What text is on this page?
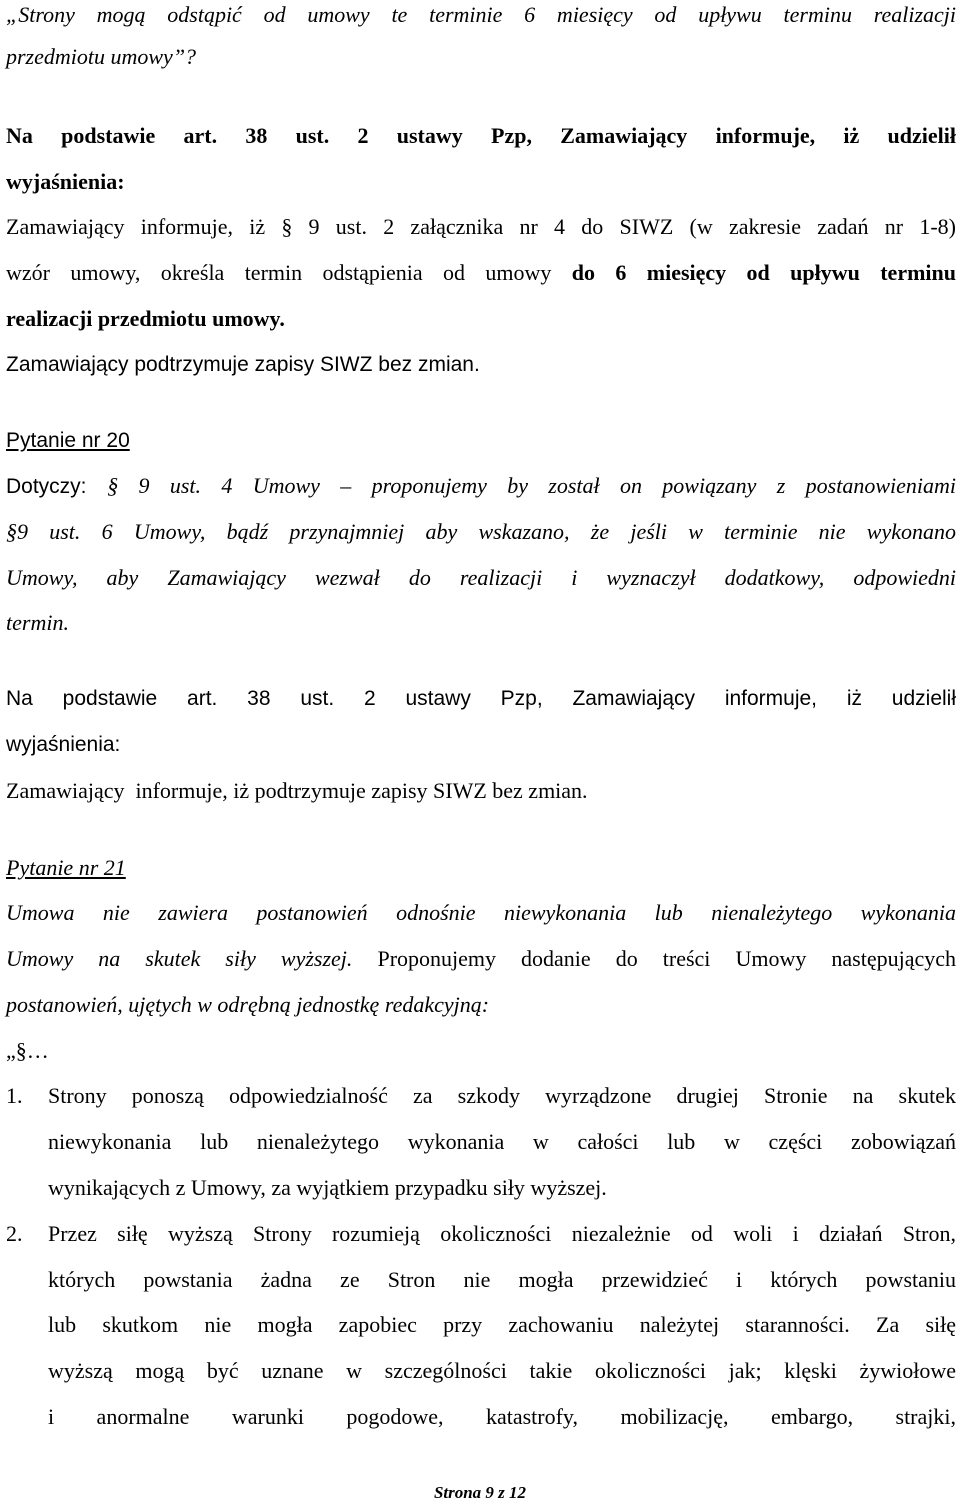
„Strony mogą odstąpić od umowy te terminie 6 miesięcy od upływu terminu realizacji
przedmiotu umowy”?
Na podstawie art. 38 ust. 2 ustawy Pzp, Zamawiający informuje, iż udzielił
wyjaśnienia:
Zamawiający informuje, iż § 9 ust. 2 załącznika nr 4 do SIWZ (w zakresie zadań nr 1-8)
wzór umowy, określa termin odstąpienia od umowy do 6 miesięcy od upływu terminu
realizacji przedmiotu umowy.
Zamawiający podtrzymuje zapisy SIWZ bez zmian.
Pytanie nr 20
Dotyczy: § 9 ust. 4 Umowy – proponujemy by został on powiązany z postanowieniami
§9 ust. 6 Umowy, bądź przynajmniej aby wskazano, że jeśli w terminie nie wykonano
Umowy, aby Zamawiający wezwał do realizacji i wyznaczył dodatkowy, odpowiedni
termin.
Na podstawie art. 38 ust. 2 ustawy Pzp, Zamawiający informuje, iż udzielił
wyjaśnienia:
Zamawiający  informuje, iż podtrzymuje zapisy SIWZ bez zmian.
Pytanie nr 21
Umowa nie zawiera postanowień odnośnie niewykonania lub nienależytego wykonania
Umowy na skutek siły wyższej. Proponujemy dodanie do treści Umowy następujących
postanowień, ujętych w odrębną jednostkę redakcyjną:
„§…
1. Strony ponoszą odpowiedzialność za szkody wyrządzone drugiej Stronie na skutek
niewykonania lub nienależytego wykonania w całości lub w części zobowiązań
wynikających z Umowy, za wyjątkiem przypadku siły wyższej.
2. Przez siłę wyższą Strony rozumieją okoliczności niezależnie od woli i działań Stron,
których powstania żadna ze Stron nie mogła przewidzieć i których powstaniu
lub skutkom nie mogła zapobiec przy zachowaniu należytej staranności. Za siłę
wyższą mogą być uznane w szczególności takie okoliczności jak; klęski żywiołowe
i anormalne warunki pogodowe, katastrofy, mobilizację, embargo, strajki,
Strona 9 z 12
